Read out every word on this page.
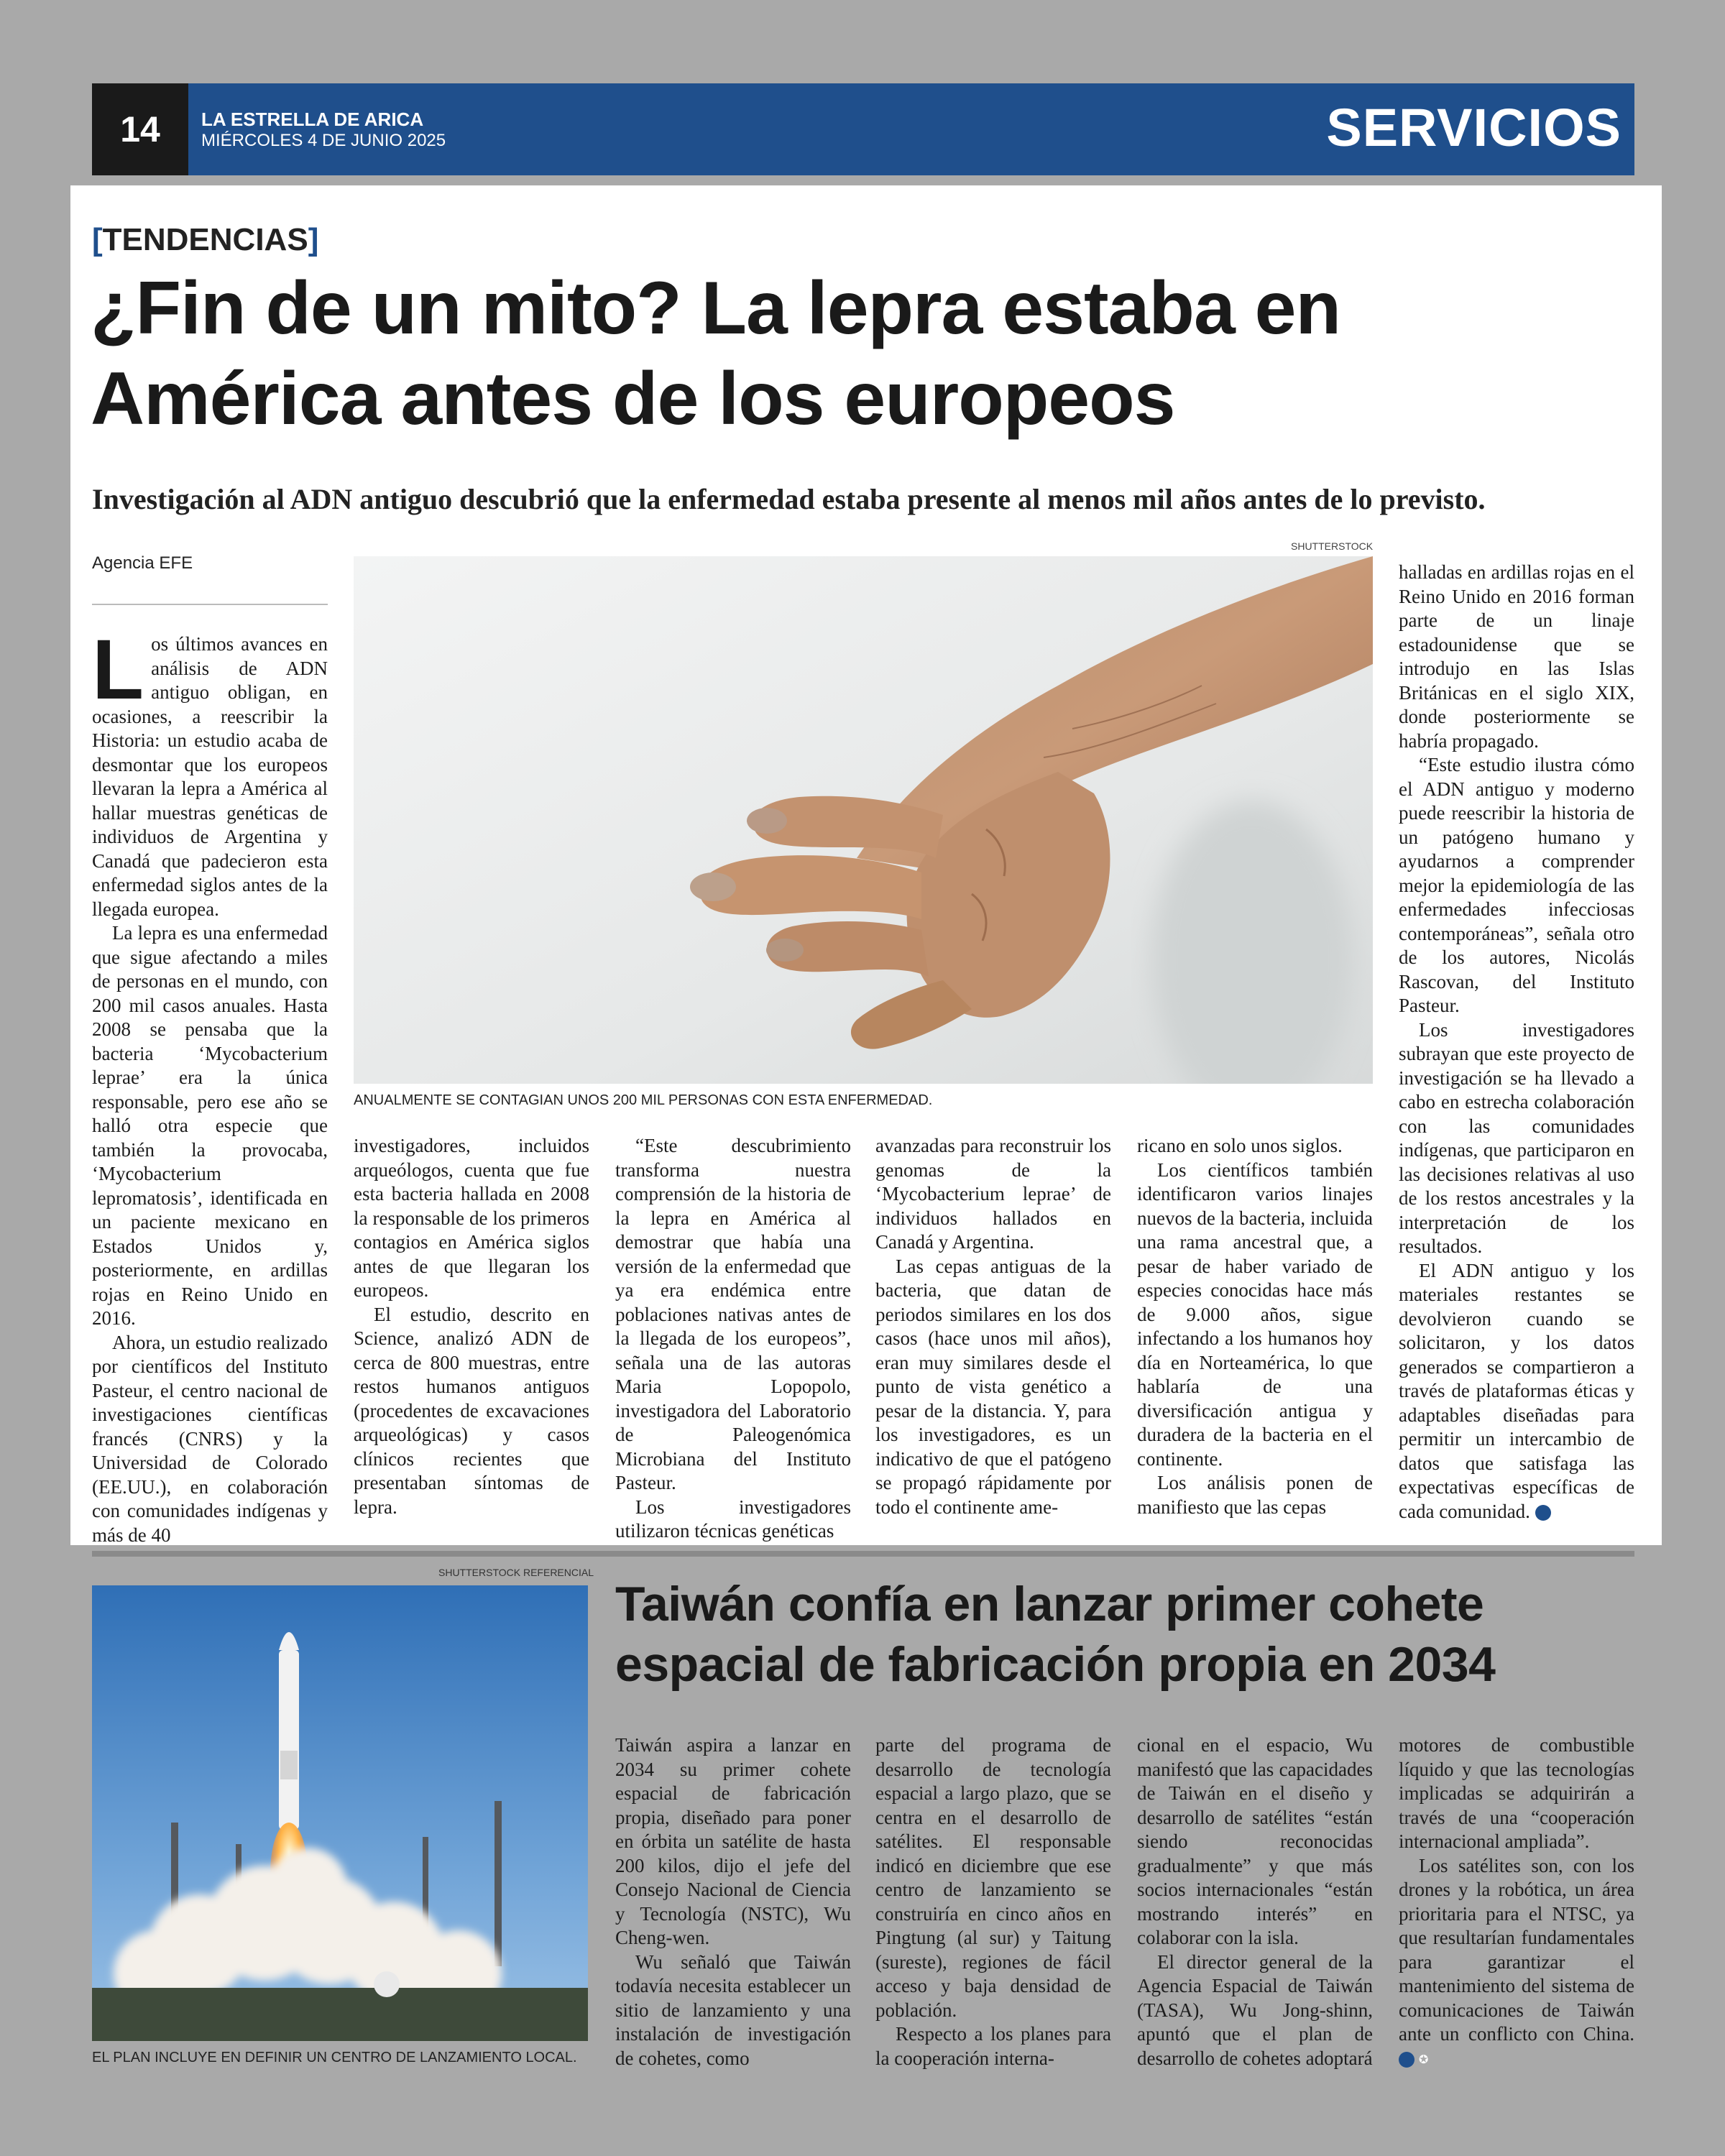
14	LA ESTRELLA DE ARICA
MIÉRCOLES 4 DE JUNIO 2025	SERVICIOS
[TENDENCIAS]
¿Fin de un mito? La lepra estaba en
América antes de los europeos
Investigación al ADN antiguo descubrió que la enfermedad estaba presente al menos mil años antes de lo previsto.
Agencia EFE
SHUTTERSTOCK
ANUALMENTE SE CONTAGIAN UNOS 200 MIL PERSONAS CON ESTA ENFERMEDAD.

Los últimos avances en análisis de ADN antiguo obligan, en ocasiones, a reescribir la Historia: un estudio acaba de desmontar que los europeos llevaran la lepra a América al hallar muestras genéticas de individuos de Argentina y Canadá que padecieron esta enfermedad siglos antes de la llegada europea.

La lepra es una enfermedad que sigue afectando a miles de personas en el mundo, con 200 mil casos anuales. Hasta 2008 se pensaba que la bacteria ‘Mycobacterium leprae’ era la única responsable, pero ese año se halló otra especie que también la provocaba, ‘Mycobacterium lepromatosis’, identificada en un paciente mexicano en Estados Unidos y, posteriormente, en ardillas rojas en Reino Unido en 2016.

Ahora, un estudio realizado por científicos del Instituto Pasteur, el centro nacional de investigaciones científicas francés (CNRS) y la Universidad de Colorado (EE.UU.), en colaboración con comunidades indígenas y más de 40

investigadores, incluidos arqueólogos, cuenta que fue esta bacteria hallada en 2008 la responsable de los primeros contagios en América siglos antes de que llegaran los europeos.

El estudio, descrito en Science, analizó ADN de cerca de 800 muestras, entre restos humanos antiguos (procedentes de excavaciones arqueológicas) y casos clínicos recientes que presentaban síntomas de lepra.

“Este descubrimiento transforma nuestra comprensión de la historia de la lepra en América al demostrar que había una versión de la enfermedad que ya era endémica entre poblaciones nativas antes de la llegada de los europeos”, señala una de las autoras Maria Lopopolo, investigadora del Laboratorio de Paleogenómica Microbiana del Instituto Pasteur.

Los investigadores utilizaron técnicas genéticas

avanzadas para reconstruir los genomas de la ‘Mycobacterium leprae’ de individuos hallados en Canadá y Argentina.

Las cepas antiguas de la bacteria, que datan de periodos similares en los dos casos (hace unos mil años), eran muy similares desde el punto de vista genético a pesar de la distancia. Y, para los investigadores, es un indicativo de que el patógeno se propagó rápidamente por todo el continente ame-

ricano en solo unos siglos.

Los científicos también identificaron varios linajes nuevos de la bacteria, incluida una rama ancestral que, a pesar de haber variado de especies conocidas hace más de 9.000 años, sigue infectando a los humanos hoy día en Norteamérica, lo que hablaría de una diversificación antigua y duradera de la bacteria en el continente.

Los análisis ponen de manifiesto que las cepas

halladas en ardillas rojas en el Reino Unido en 2016 forman parte de un linaje estadounidense que se introdujo en las Islas Británicas en el siglo XIX, donde posteriormente se habría propagado.

“Este estudio ilustra cómo el ADN antiguo y moderno puede reescribir la historia de un patógeno humano y ayudarnos a comprender mejor la epidemiología de las enfermedades infecciosas contemporáneas”, señala otro de los autores, Nicolás Rascovan, del Instituto Pasteur.

Los investigadores subrayan que este proyecto de investigación se ha llevado a cabo en estrecha colaboración con las comunidades indígenas, que participaron en las decisiones relativas al uso de los restos ancestrales y la interpretación de los resultados.

El ADN antiguo y los materiales restantes se devolvieron cuando se solicitaron, y los datos generados se compartieron a través de plataformas éticas y adaptables diseñadas para permitir un intercambio de datos que satisfaga las expectativas específicas de cada comunidad. ✪

SHUTTERSTOCK REFERENCIAL
EL PLAN INCLUYE EN DEFINIR UN CENTRO DE LANZAMIENTO LOCAL.
Taiwán confía en lanzar primer cohete
espacial de fabricación propia en 2034

Taiwán aspira a lanzar en 2034 su primer cohete espacial de fabricación propia, diseñado para poner en órbita un satélite de hasta 200 kilos, dijo el jefe del Consejo Nacional de Ciencia y Tecnología (NSTC), Wu Cheng-wen.

Wu señaló que Taiwán todavía necesita establecer un sitio de lanzamiento y una instalación de investigación de cohetes, como

parte del programa de desarrollo de tecnología espacial a largo plazo, que se centra en el desarrollo de satélites. El responsable indicó en diciembre que ese centro de lanzamiento se construiría en cinco años en Pingtung (al sur) y Taitung (sureste), regiones de fácil acceso y baja densidad de población.

Respecto a los planes para la cooperación interna-

cional en el espacio, Wu manifestó que las capacidades de Taiwán en el diseño y desarrollo de satélites “están siendo reconocidas gradualmente” y que más socios internacionales “están mostrando interés” en colaborar con la isla.

El director general de la Agencia Espacial de Taiwán (TASA), Wu Jong-shinn, apuntó que el plan de desarrollo de cohetes adoptará

motores de combustible líquido y que las tecnologías implicadas se adquirirán a través de una “cooperación internacional ampliada”.

Los satélites son, con los drones y la robótica, un área prioritaria para el NTSC, ya que resultarían fundamentales para garantizar el mantenimiento del sistema de comunicaciones de Taiwán ante un conflicto con China. ✪
